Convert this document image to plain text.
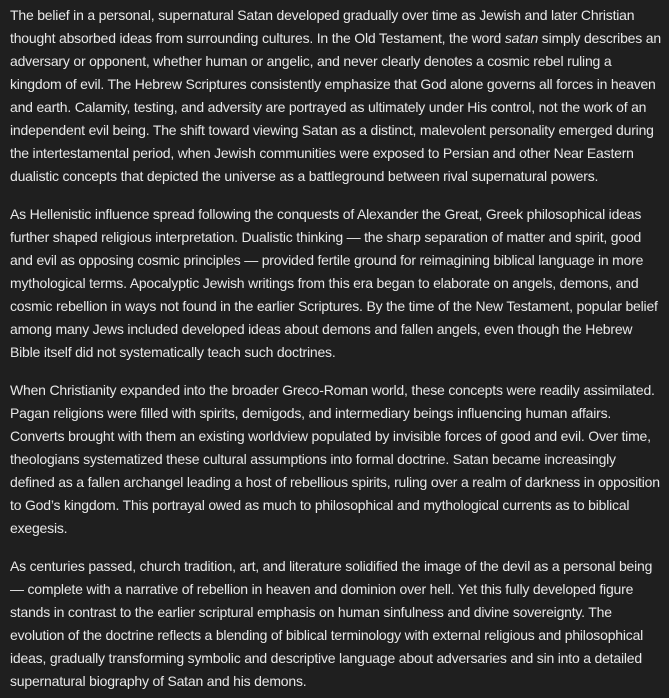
The belief in a personal, supernatural Satan developed gradually over time as Jewish and later Christian thought absorbed ideas from surrounding cultures. In the Old Testament, the word satan simply describes an adversary or opponent, whether human or angelic, and never clearly denotes a cosmic rebel ruling a kingdom of evil. The Hebrew Scriptures consistently emphasize that God alone governs all forces in heaven and earth. Calamity, testing, and adversity are portrayed as ultimately under His control, not the work of an independent evil being. The shift toward viewing Satan as a distinct, malevolent personality emerged during the intertestamental period, when Jewish communities were exposed to Persian and other Near Eastern dualistic concepts that depicted the universe as a battleground between rival supernatural powers.

As Hellenistic influence spread following the conquests of Alexander the Great, Greek philosophical ideas further shaped religious interpretation. Dualistic thinking — the sharp separation of matter and spirit, good and evil as opposing cosmic principles — provided fertile ground for reimagining biblical language in more mythological terms. Apocalyptic Jewish writings from this era began to elaborate on angels, demons, and cosmic rebellion in ways not found in the earlier Scriptures. By the time of the New Testament, popular belief among many Jews included developed ideas about demons and fallen angels, even though the Hebrew Bible itself did not systematically teach such doctrines.

When Christianity expanded into the broader Greco-Roman world, these concepts were readily assimilated. Pagan religions were filled with spirits, demigods, and intermediary beings influencing human affairs. Converts brought with them an existing worldview populated by invisible forces of good and evil. Over time, theologians systematized these cultural assumptions into formal doctrine. Satan became increasingly defined as a fallen archangel leading a host of rebellious spirits, ruling over a realm of darkness in opposition to God’s kingdom. This portrayal owed as much to philosophical and mythological currents as to biblical exegesis.

As centuries passed, church tradition, art, and literature solidified the image of the devil as a personal being — complete with a narrative of rebellion in heaven and dominion over hell. Yet this fully developed figure stands in contrast to the earlier scriptural emphasis on human sinfulness and divine sovereignty. The evolution of the doctrine reflects a blending of biblical terminology with external religious and philosophical ideas, gradually transforming symbolic and descriptive language about adversaries and sin into a detailed supernatural biography of Satan and his demons.
